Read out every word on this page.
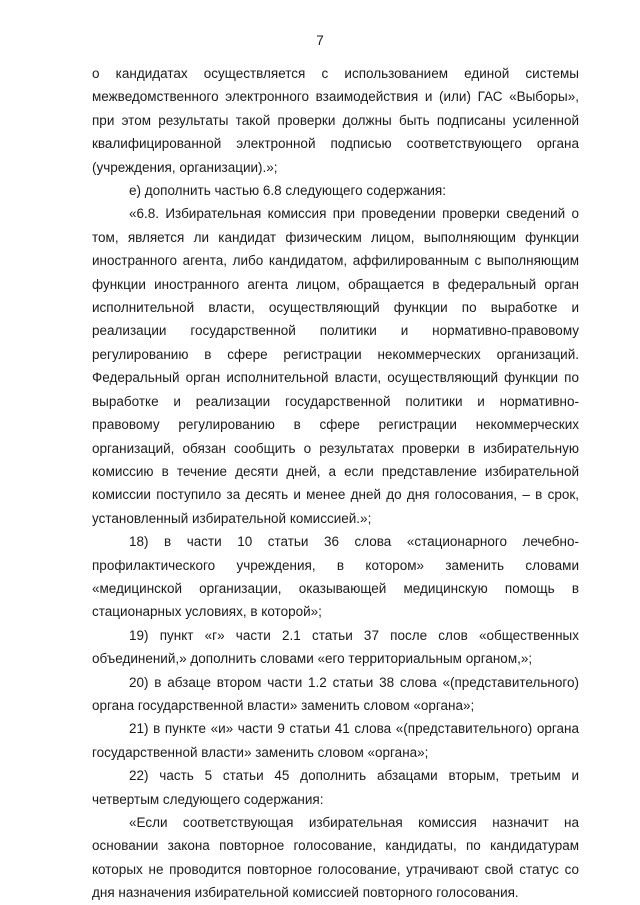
7

о кандидатах осуществляется с использованием единой системы межведомственного электронного взаимодействия и (или) ГАС «Выборы», при этом результаты такой проверки должны быть подписаны усиленной квалифицированной электронной подписью соответствующего органа (учреждения, организации).»;

е) дополнить частью 6.8 следующего содержания:

«6.8. Избирательная комиссия при проведении проверки сведений о том, является ли кандидат физическим лицом, выполняющим функции иностранного агента, либо кандидатом, аффилированным с выполняющим функции иностранного агента лицом, обращается в федеральный орган исполнительной власти, осуществляющий функции по выработке и реализации государственной политики и нормативно-правовому регулированию в сфере регистрации некоммерческих организаций. Федеральный орган исполнительной власти, осуществляющий функции по выработке и реализации государственной политики и нормативно-правовому регулированию в сфере регистрации некоммерческих организаций, обязан сообщить о результатах проверки в избирательную комиссию в течение десяти дней, а если представление избирательной комиссии поступило за десять и менее дней до дня голосования, – в срок, установленный избирательной комиссией.»;

18) в части 10 статьи 36 слова «стационарного лечебно-профилактического учреждения, в котором» заменить словами «медицинской организации, оказывающей медицинскую помощь в стационарных условиях, в которой»;

19) пункт «г» части 2.1 статьи 37 после слов «общественных объединений,» дополнить словами «его территориальным органом,»;

20) в абзаце втором части 1.2 статьи 38 слова «(представительного) органа государственной власти» заменить словом «органа»;

21) в пункте «и» части 9 статьи 41 слова «(представительного) органа государственной власти» заменить словом «органа»;

22) часть 5 статьи 45 дополнить абзацами вторым, третьим и четвертым следующего содержания:

«Если соответствующая избирательная комиссия назначит на основании закона повторное голосование, кандидаты, по кандидатурам которых не проводится повторное голосование, утрачивают свой статус со дня назначения избирательной комиссией повторного голосования.
